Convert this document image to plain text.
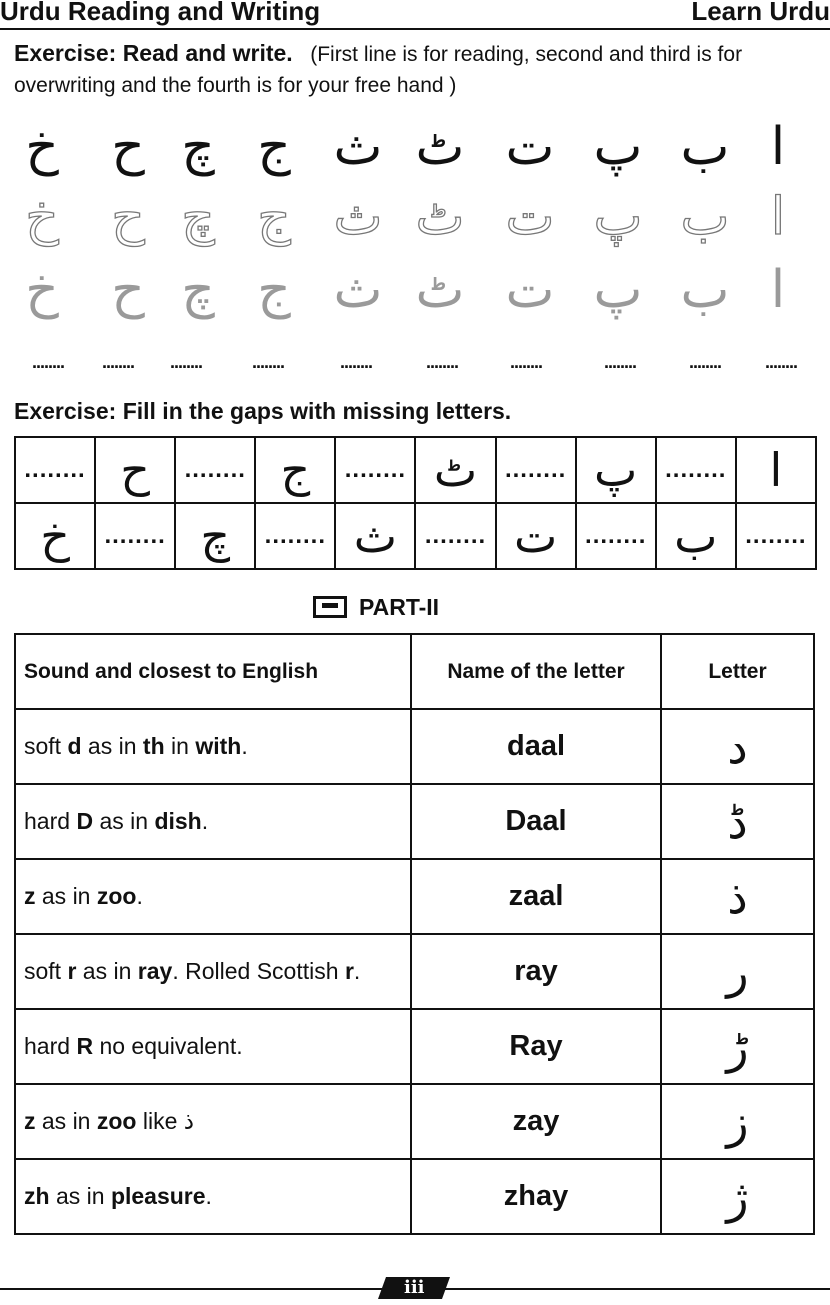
Urdu Reading and Writing	Learn Urdu
Exercise: Read and write. (First line is for reading, second and third is for overwriting and the fourth is for your free hand )
خ ح چ ج ث ٹ ت پ ب ا
خ ح چ ج ث ٹ ت پ ب ا
خ ح چ ج ث ٹ ت پ ب ا
........	........	........	........	........	........	........	........	........	........
Exercise: Fill in the gaps with missing letters.
........	ح	........	ج	........	ٹ	........	پ	........	ا
خ	........	چ	........	ث	........	ت	........	ب	........
PART-II
Sound and closest to English	Name of the letter	Letter
soft d as in th in with.	daal	د
hard D as in dish.	Daal	ڈ
z as in zoo.	zaal	ذ
soft r as in ray. Rolled Scottish r.	ray	ر
hard R no equivalent.	Ray	ڑ
z as in zoo like ذ	zay	ز
zh as in pleasure.	zhay	ژ
iii
